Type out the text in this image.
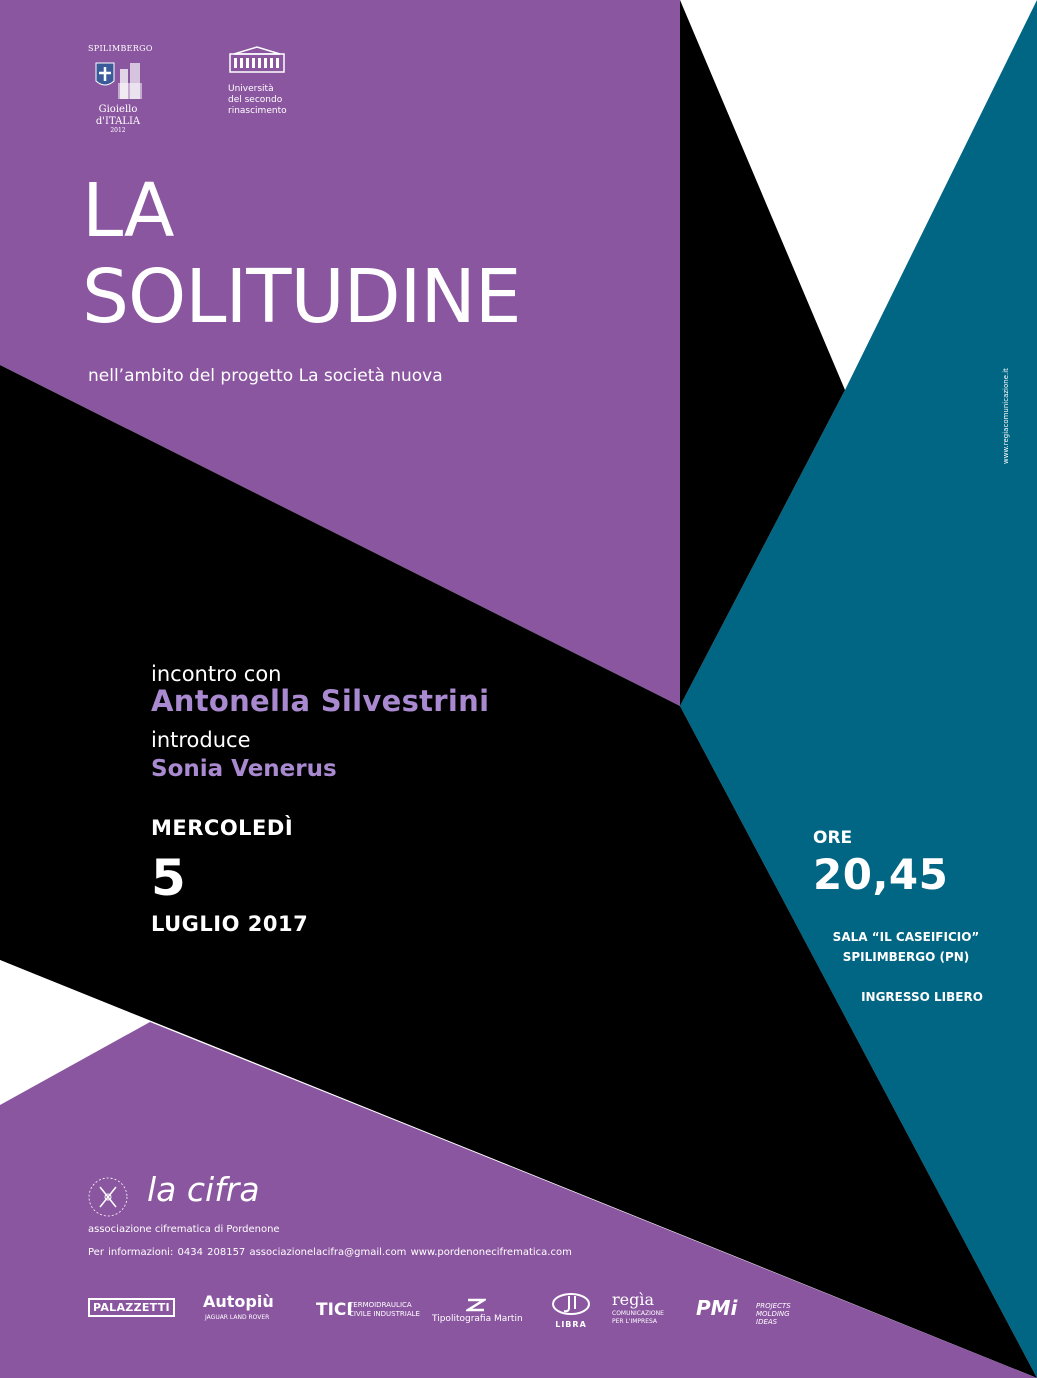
SPILIMBERGO
Gioiello
d'ITALIA
2012
Università
del secondo
rinascimento
LA
SOLITUDINE
nell’ambito del progetto La società nuova
incontro con
Antonella Silvestrini
introduce
Sonia Venerus
MERCOLEDÌ
5
LUGLIO 2017
ORE
20,45
SALA “IL CASEIFICIO”
SPILIMBERGO (PN)
INGRESSO LIBERO
www.regiacomunicazione.it
la cifra
associazione cifrematica di Pordenone
Per informazioni: 0434 208157 associazionelacifra@gmail.com www.pordenonecifrematica.com
PALAZZETTI	Autopiù
JAGUAR LAND ROVER	TICI
TERMOIDRAULICA CIVILE INDUSTRIALE Tipolitografia Martin
LIBRA
regìa
COMUNICAZIONE PER L'IMPRESA
PMi	PROJECTS MOLDING IDEAS
